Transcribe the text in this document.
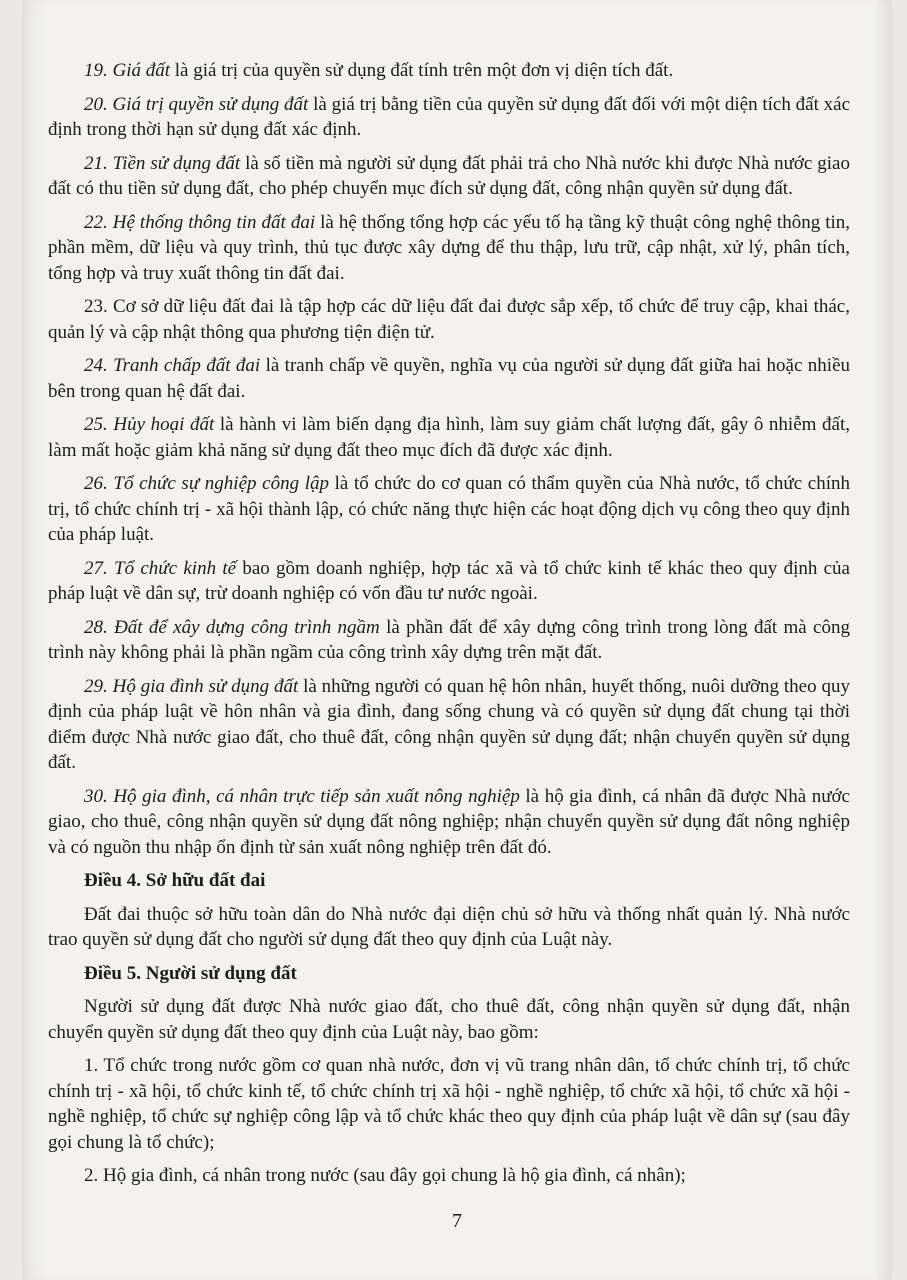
19. Giá đất là giá trị của quyền sử dụng đất tính trên một đơn vị diện tích đất.

20. Giá trị quyền sử dụng đất là giá trị bằng tiền của quyền sử dụng đất đối với một diện tích đất xác định trong thời hạn sử dụng đất xác định.

21. Tiền sử dụng đất là số tiền mà người sử dụng đất phải trả cho Nhà nước khi được Nhà nước giao đất có thu tiền sử dụng đất, cho phép chuyển mục đích sử dụng đất, công nhận quyền sử dụng đất.

22. Hệ thống thông tin đất đai là hệ thống tổng hợp các yếu tố hạ tầng kỹ thuật công nghệ thông tin, phần mềm, dữ liệu và quy trình, thủ tục được xây dựng để thu thập, lưu trữ, cập nhật, xử lý, phân tích, tổng hợp và truy xuất thông tin đất đai.

23. Cơ sở dữ liệu đất đai là tập hợp các dữ liệu đất đai được sắp xếp, tổ chức để truy cập, khai thác, quản lý và cập nhật thông qua phương tiện điện tử.

24. Tranh chấp đất đai là tranh chấp về quyền, nghĩa vụ của người sử dụng đất giữa hai hoặc nhiều bên trong quan hệ đất đai.

25. Hủy hoại đất là hành vi làm biến dạng địa hình, làm suy giảm chất lượng đất, gây ô nhiễm đất, làm mất hoặc giảm khả năng sử dụng đất theo mục đích đã được xác định.

26. Tổ chức sự nghiệp công lập là tổ chức do cơ quan có thẩm quyền của Nhà nước, tổ chức chính trị, tổ chức chính trị - xã hội thành lập, có chức năng thực hiện các hoạt động dịch vụ công theo quy định của pháp luật.

27. Tổ chức kinh tế bao gồm doanh nghiệp, hợp tác xã và tổ chức kinh tế khác theo quy định của pháp luật về dân sự, trừ doanh nghiệp có vốn đầu tư nước ngoài.

28. Đất để xây dựng công trình ngầm là phần đất để xây dựng công trình trong lòng đất mà công trình này không phải là phần ngầm của công trình xây dựng trên mặt đất.

29. Hộ gia đình sử dụng đất là những người có quan hệ hôn nhân, huyết thống, nuôi dưỡng theo quy định của pháp luật về hôn nhân và gia đình, đang sống chung và có quyền sử dụng đất chung tại thời điểm được Nhà nước giao đất, cho thuê đất, công nhận quyền sử dụng đất; nhận chuyển quyền sử dụng đất.

30. Hộ gia đình, cá nhân trực tiếp sản xuất nông nghiệp là hộ gia đình, cá nhân đã được Nhà nước giao, cho thuê, công nhận quyền sử dụng đất nông nghiệp; nhận chuyển quyền sử dụng đất nông nghiệp và có nguồn thu nhập ổn định từ sản xuất nông nghiệp trên đất đó.

Điều 4. Sở hữu đất đai

Đất đai thuộc sở hữu toàn dân do Nhà nước đại diện chủ sở hữu và thống nhất quản lý. Nhà nước trao quyền sử dụng đất cho người sử dụng đất theo quy định của Luật này.

Điều 5. Người sử dụng đất

Người sử dụng đất được Nhà nước giao đất, cho thuê đất, công nhận quyền sử dụng đất, nhận chuyển quyền sử dụng đất theo quy định của Luật này, bao gồm:

1. Tổ chức trong nước gồm cơ quan nhà nước, đơn vị vũ trang nhân dân, tổ chức chính trị, tổ chức chính trị - xã hội, tổ chức kinh tế, tổ chức chính trị xã hội - nghề nghiệp, tổ chức xã hội, tổ chức xã hội - nghề nghiệp, tổ chức sự nghiệp công lập và tổ chức khác theo quy định của pháp luật về dân sự (sau đây gọi chung là tổ chức);

2. Hộ gia đình, cá nhân trong nước (sau đây gọi chung là hộ gia đình, cá nhân);

7
